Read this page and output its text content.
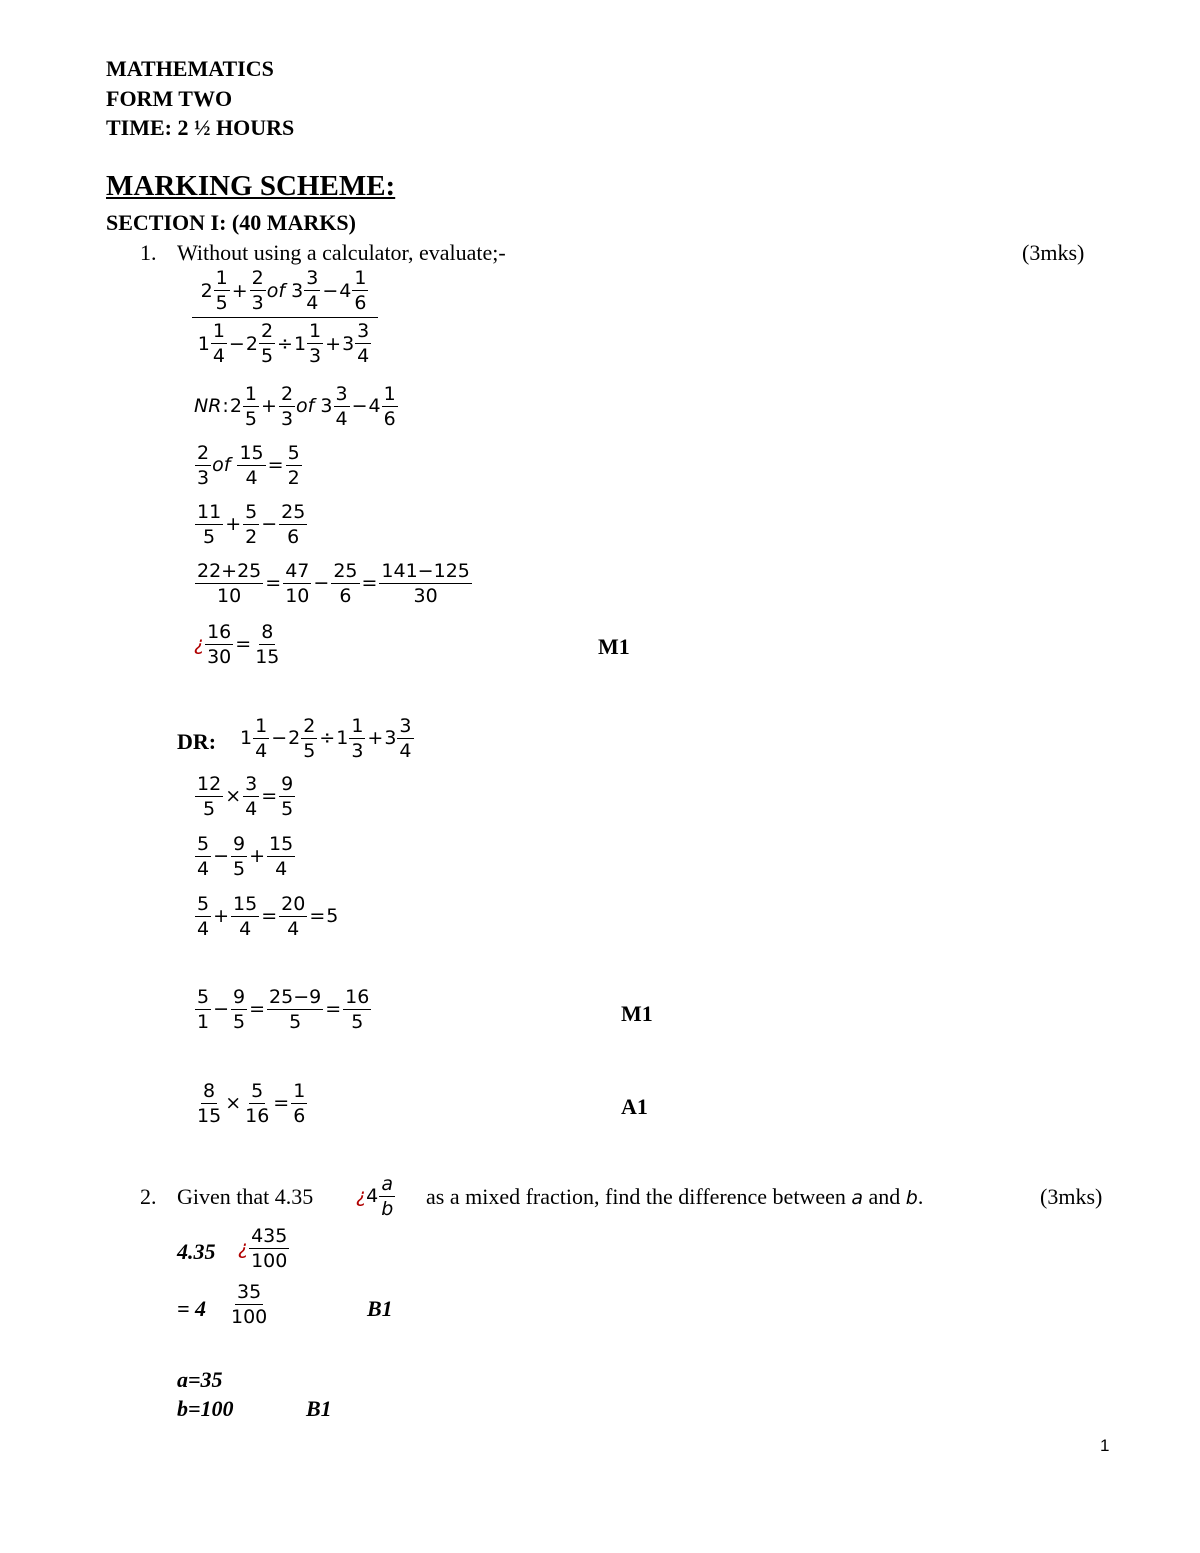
MATHEMATICS
FORM TWO
TIME: 2 ½ HOURS
MARKING SCHEME:
SECTION I: (40 MARKS)
1. Without using a calculator, evaluate;-	(3mks)
2
1
5
+ $\frac{2}{3}$ of 3
3
4
− $4 \frac{1}{6}$
1
1
4
− $2 \frac{2}{5} \div 1 \frac{1}{3} + 3 \frac{3}{4}$
NR : 2
1
5
+ $\frac{2}{3}$ of 3
3
4
− $4 \frac{1}{6}$
2
3
of
$\frac{15}{4} = \frac{5}{2}$
11
5
+ $\frac{5}{2} - \frac{25}{6}$
$\frac{22+25}{10} = \frac{47}{10} - \frac{25}{6} = \frac{141-125}{30}$
¿ $\frac{16}{30} = \frac{8}{15}$	M1
DR: 1
1
4
− $2 \frac{2}{5} \div 1 \frac{1}{3} + 3 \frac{3}{4}$
$\frac{12}{5} \times \frac{3}{4} = \frac{9}{5}$
5
4
− $\frac{9}{5} + \frac{15}{4}$
5
4
+ $\frac{15}{4} = \frac{20}{4} = 5$
5
1
− $\frac{9}{5} = \frac{25-9}{5} = \frac{16}{5}$	M1
$\frac{8}{15} \times \frac{5}{16} = \frac{1}{6}$	A1
2. Given that 4.35 ¿ 4
a
b as a mixed fraction, find the difference between a and b.	(3mks)
4.35 ¿
435
100
= 4
35
100	B1
a=35
b=100	B1
1
